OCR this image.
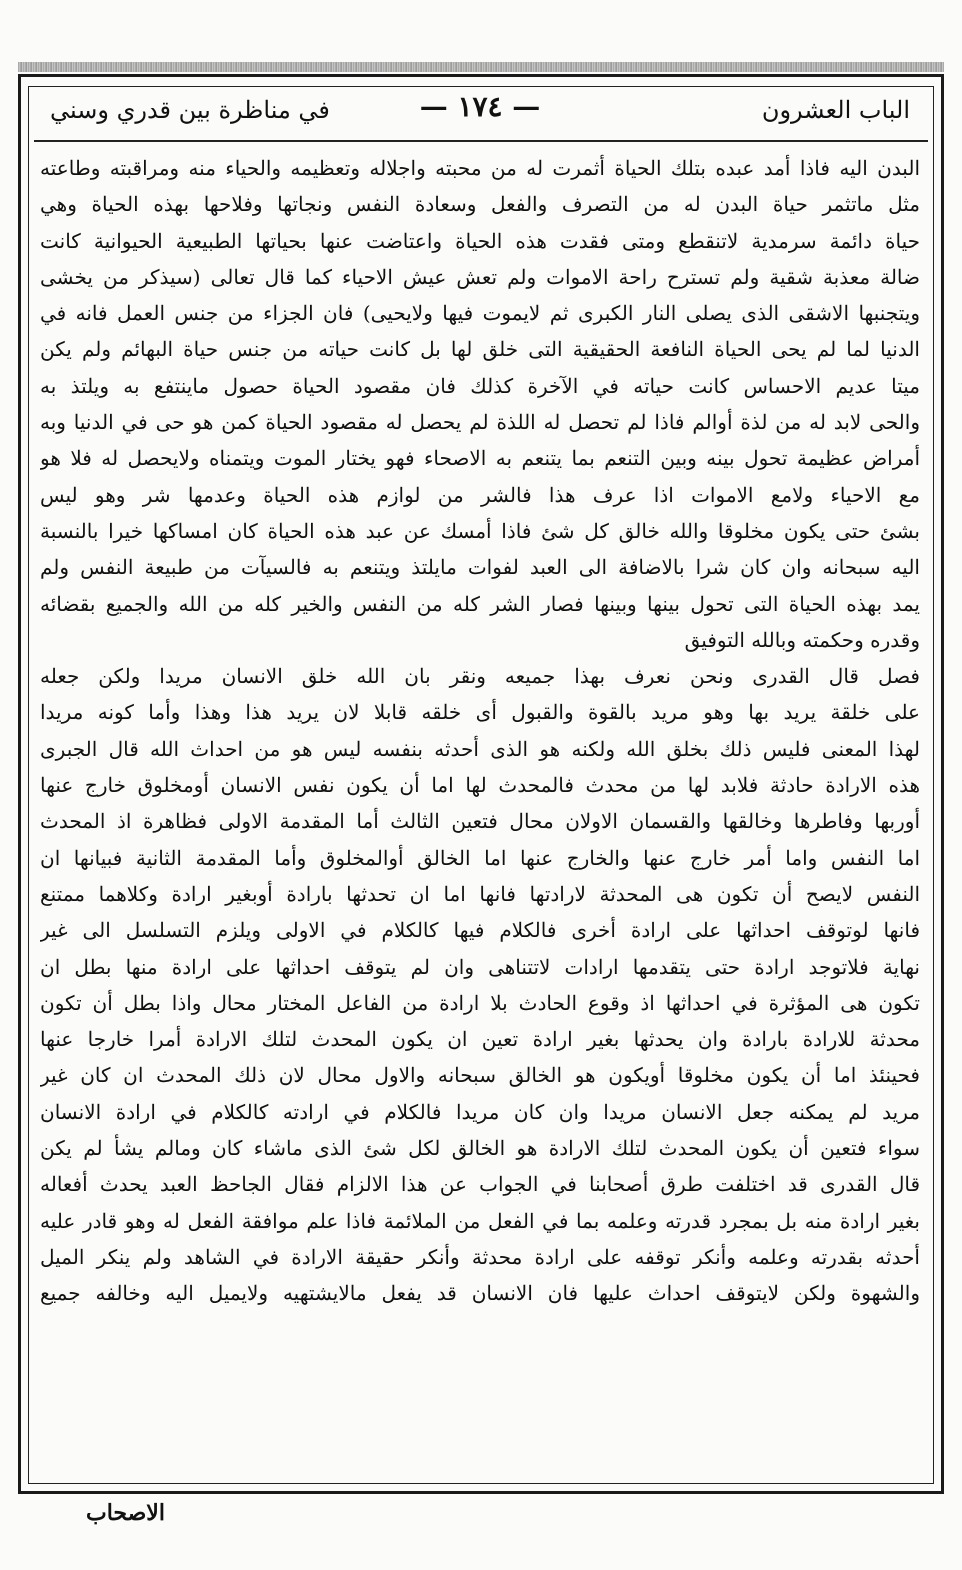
الباب العشرون
— ١٧٤ —
في مناظرة بين قدري وسني
البدن اليه فاذا أمد عبده بتلك الحياة أثمرت له من محبته واجلاله وتعظيمه والحياء منه ومراقبته وطاعته
مثل ماتثمر حياة البدن له من التصرف والفعل وسعادة النفس ونجاتها وفلاحها بهذه الحياة وهي
حياة دائمة سرمدية لاتنقطع ومتى فقدت هذه الحياة واعتاضت عنها بحياتها الطبيعية الحيوانية كانت
ضالة معذبة شقية ولم تسترح راحة الاموات ولم تعش عيش الاحياء كما قال تعالى (سيذكر من يخشى
ويتجنبها الاشقى الذى يصلى النار الكبرى ثم لايموت فيها ولايحيى) فان الجزاء من جنس العمل فانه في
الدنيا لما لم يحى الحياة النافعة الحقيقية التى خلق لها بل كانت حياته من جنس حياة البهائم ولم يكن
ميتا عديم الاحساس كانت حياته في الآخرة كذلك فان مقصود الحياة حصول ماينتفع به ويلتذ به
والحى لابد له من لذة أوالم فاذا لم تحصل له اللذة لم يحصل له مقصود الحياة كمن هو حى في الدنيا وبه
أمراض عظيمة تحول بينه وبين التنعم بما يتنعم به الاصحاء فهو يختار الموت ويتمناه ولايحصل له فلا هو
مع الاحياء ولامع الاموات اذا عرف هذا فالشر من لوازم هذه الحياة وعدمها شر وهو ليس
بشئ حتى يكون مخلوقا والله خالق كل شئ فاذا أمسك عن عبد هذه الحياة كان امساكها خيرا بالنسبة
اليه سبحانه وان كان شرا بالاضافة الى العبد لفوات مايلتذ ويتنعم به فالسيآت من طبيعة النفس ولم
يمد بهذه الحياة التى تحول بينها وبينها فصار الشر كله من النفس والخير كله من الله والجميع بقضائه
وقدره وحكمته وبالله التوفيق
فصل قال القدرى ونحن نعرف بهذا جميعه ونقر بان الله خلق الانسان مريدا ولكن جعله
على خلقة يريد بها وهو مريد بالقوة والقبول أى خلقه قابلا لان يريد هذا وهذا وأما كونه مريدا
لهذا المعنى فليس ذلك بخلق الله ولكنه هو الذى أحدثه بنفسه ليس هو من احداث الله قال الجبرى
هذه الارادة حادثة فلابد لها من محدث فالمحدث لها اما أن يكون نفس الانسان أومخلوق خارج عنها
أوربها وفاطرها وخالقها والقسمان الاولان محال فتعين الثالث أما المقدمة الاولى فظاهرة اذ المحدث
اما النفس واما أمر خارج عنها والخارج عنها اما الخالق أوالمخلوق وأما المقدمة الثانية فبيانها ان
النفس لايصح أن تكون هى المحدثة لارادتها فانها اما ان تحدثها بارادة أوبغير ارادة وكلاهما ممتنع
فانها لوتوقف احداثها على ارادة أخرى فالكلام فيها كالكلام في الاولى ويلزم التسلسل الى غير
نهاية فلاتوجد ارادة حتى يتقدمها ارادات لاتتناهى وان لم يتوقف احداثها على ارادة منها بطل ان
تكون هى المؤثرة في احداثها اذ وقوع الحادث بلا ارادة من الفاعل المختار محال واذا بطل أن تكون
محدثة للارادة بارادة وان يحدثها بغير ارادة تعين ان يكون المحدث لتلك الارادة أمرا خارجا عنها
فحينئذ اما أن يكون مخلوقا أويكون هو الخالق سبحانه والاول محال لان ذلك المحدث ان كان غير
مريد لم يمكنه جعل الانسان مريدا وان كان مريدا فالكلام في ارادته كالكلام في ارادة الانسان
سواء فتعين أن يكون المحدث لتلك الارادة هو الخالق لكل شئ الذى ماشاء كان ومالم يشأ لم يكن
قال القدرى قد اختلفت طرق أصحابنا في الجواب عن هذا الالزام فقال الجاحظ العبد يحدث أفعاله
بغير ارادة منه بل بمجرد قدرته وعلمه بما في الفعل من الملائمة فاذا علم موافقة الفعل له وهو قادر عليه
أحدثه بقدرته وعلمه وأنكر توقفه على ارادة محدثة وأنكر حقيقة الارادة في الشاهد ولم ينكر الميل
والشهوة ولكن لايتوقف احداث عليها فان الانسان قد يفعل مالايشتهيه ولايميل اليه وخالفه جميع
الاصحاب
